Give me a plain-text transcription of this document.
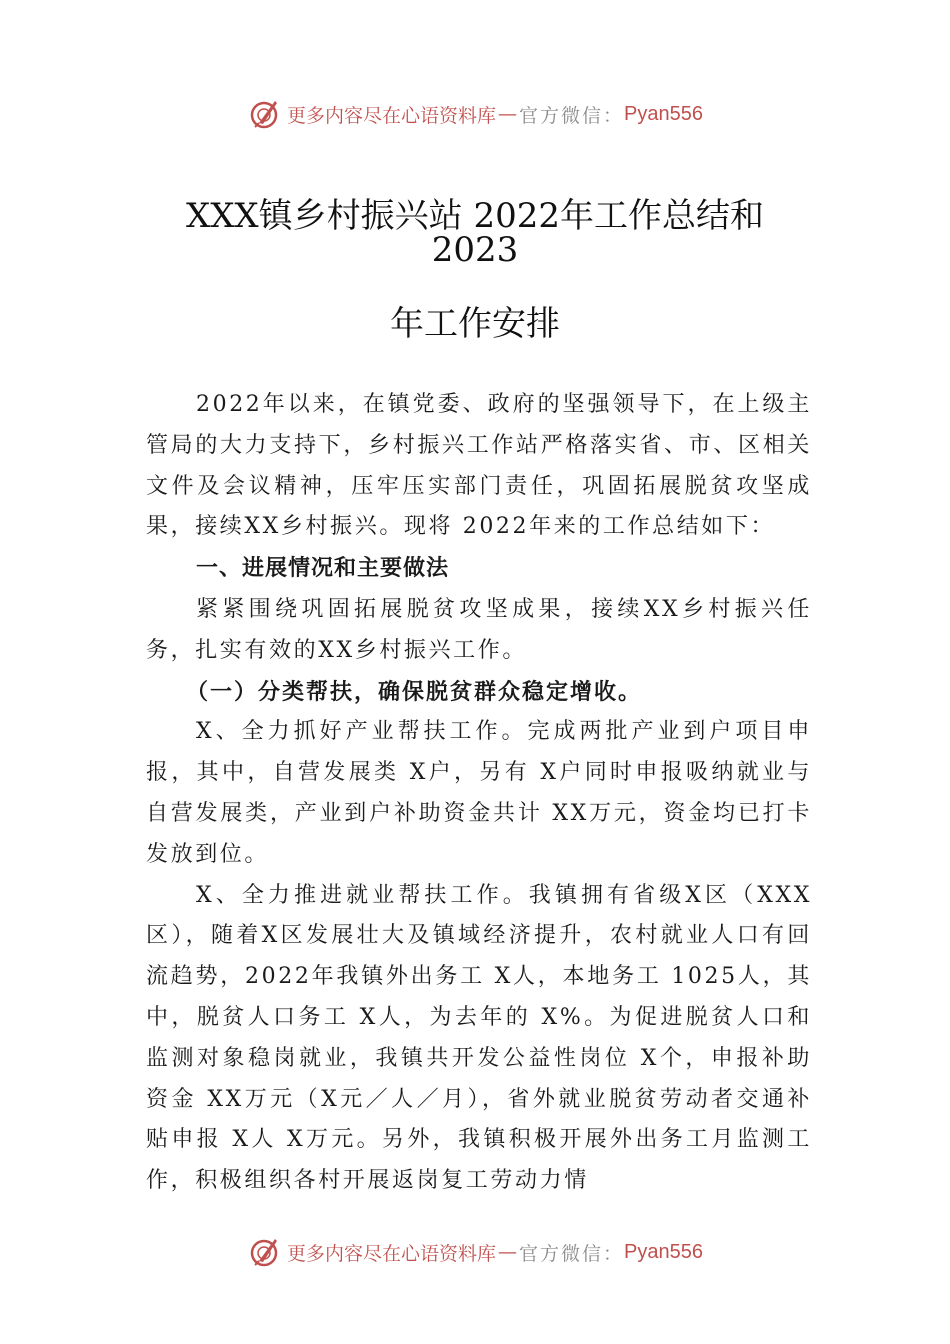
更多内容尽在心语资料库 — 官方微信： Pyan556
XXX镇乡村振兴站 2022年工作总结和
2023
年工作安排

2022年以来，在镇党委、政府的坚强领导下，在上级主管局的大力支持下，乡村振兴工作站严格落实省、市、区相关文件及会议精神，压牢压实部门责任，巩固拓展脱贫攻坚成果，接续XX乡村振兴。现将 2022年来的工作总结如下：

一、进展情况和主要做法

紧紧围绕巩固拓展脱贫攻坚成果，接续XX乡村振兴任务，扎实有效的XX乡村振兴工作。

（一）分类帮扶，确保脱贫群众稳定增收。

X、全力抓好产业帮扶工作。完成两批产业到户项目申报，其中，自营发展类 X户，另有 X户同时申报吸纳就业与自营发展类，产业到户补助资金共计 XX万元，资金均已打卡发放到位。

X、全力推进就业帮扶工作。我镇拥有省级X区（XXX区），随着X区发展壮大及镇域经济提升，农村就业人口有回流趋势，2022年我镇外出务工 X人，本地务工 1025人，其中，脱贫人口务工 X人，为去年的 X%。为促进脱贫人口和监测对象稳岗就业，我镇共开发公益性岗位 X个，申报补助资金 XX万元（X元／人／月），省外就业脱贫劳动者交通补贴申报 X人 X万元。另外，我镇积极开展外出务工月监测工作，积极组织各村开展返岗复工劳动力情

更多内容尽在心语资料库 — 官方微信： Pyan556
